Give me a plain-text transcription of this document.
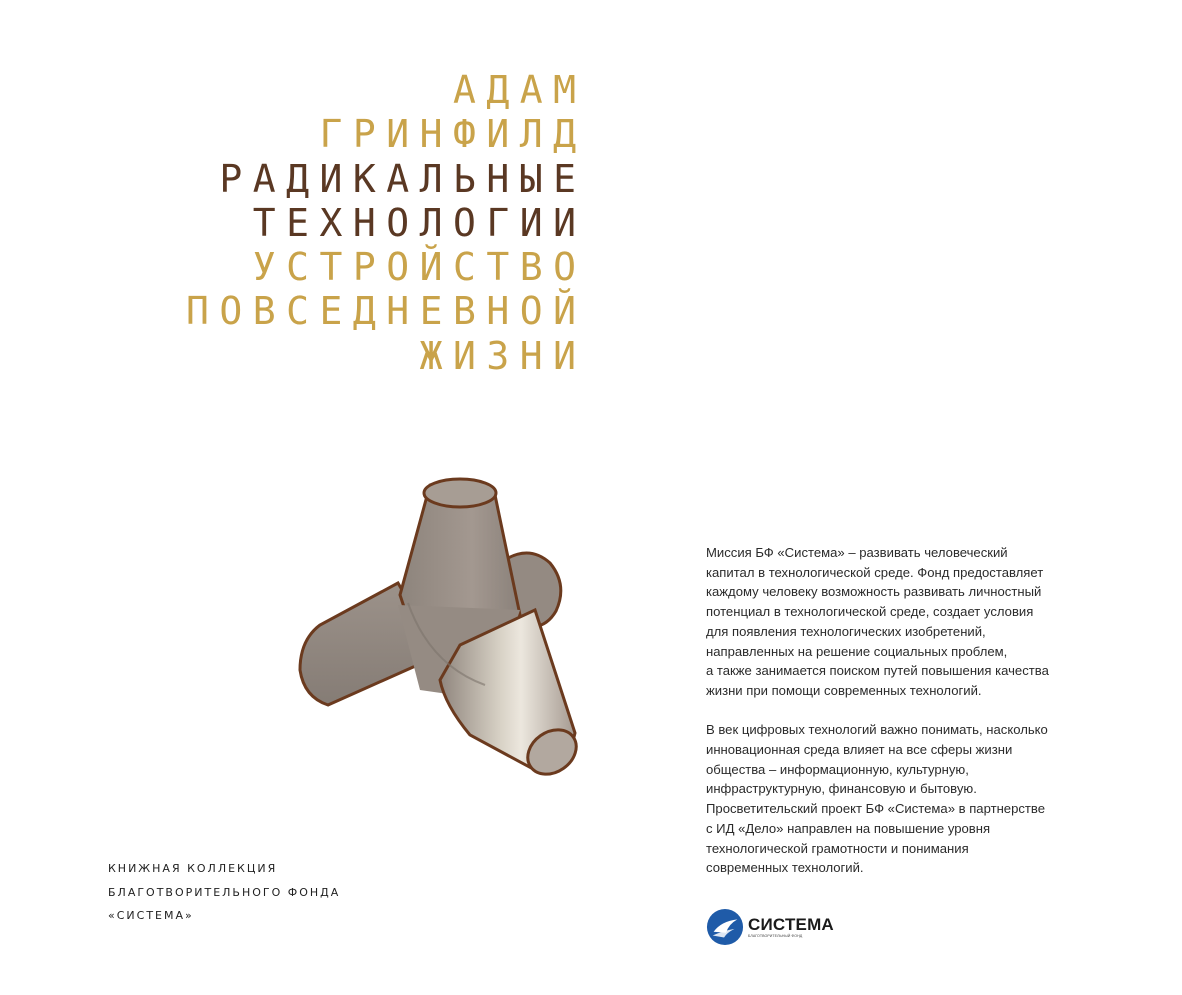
АДАМ
ГРИНФИЛД
РАДИКАЛЬНЫЕ
ТЕХНОЛОГИИ
УСТРОЙСТВО
ПОВСЕДНЕВНОЙ
ЖИЗНИ
Миссия БФ «Система» – развивать человеческий
капитал в технологической среде. Фонд предоставляет
каждому человеку возможность развивать личностный
потенциал в технологической среде, создает условия
для появления технологических изобретений,
направленных на решение социальных проблем,
а также занимается поиском путей повышения качества
жизни при помощи современных технологий.
В век цифровых технологий важно понимать, насколько
инновационная среда влияет на все сферы жизни
общества – информационную, культурную,
инфраструктурную, финансовую и бытовую.
Просветительский проект БФ «Система» в партнерстве
с ИД «Дело» направлен на повышение уровня
технологической грамотности и понимания
современных технологий.
КНИЖНАЯ КОЛЛЕКЦИЯ
БЛАГОТВОРИТЕЛЬНОГО ФОНДА
«СИСТЕМА»	СИСТЕМА
БЛАГОТВОРИТЕЛЬНЫЙ ФОНД
